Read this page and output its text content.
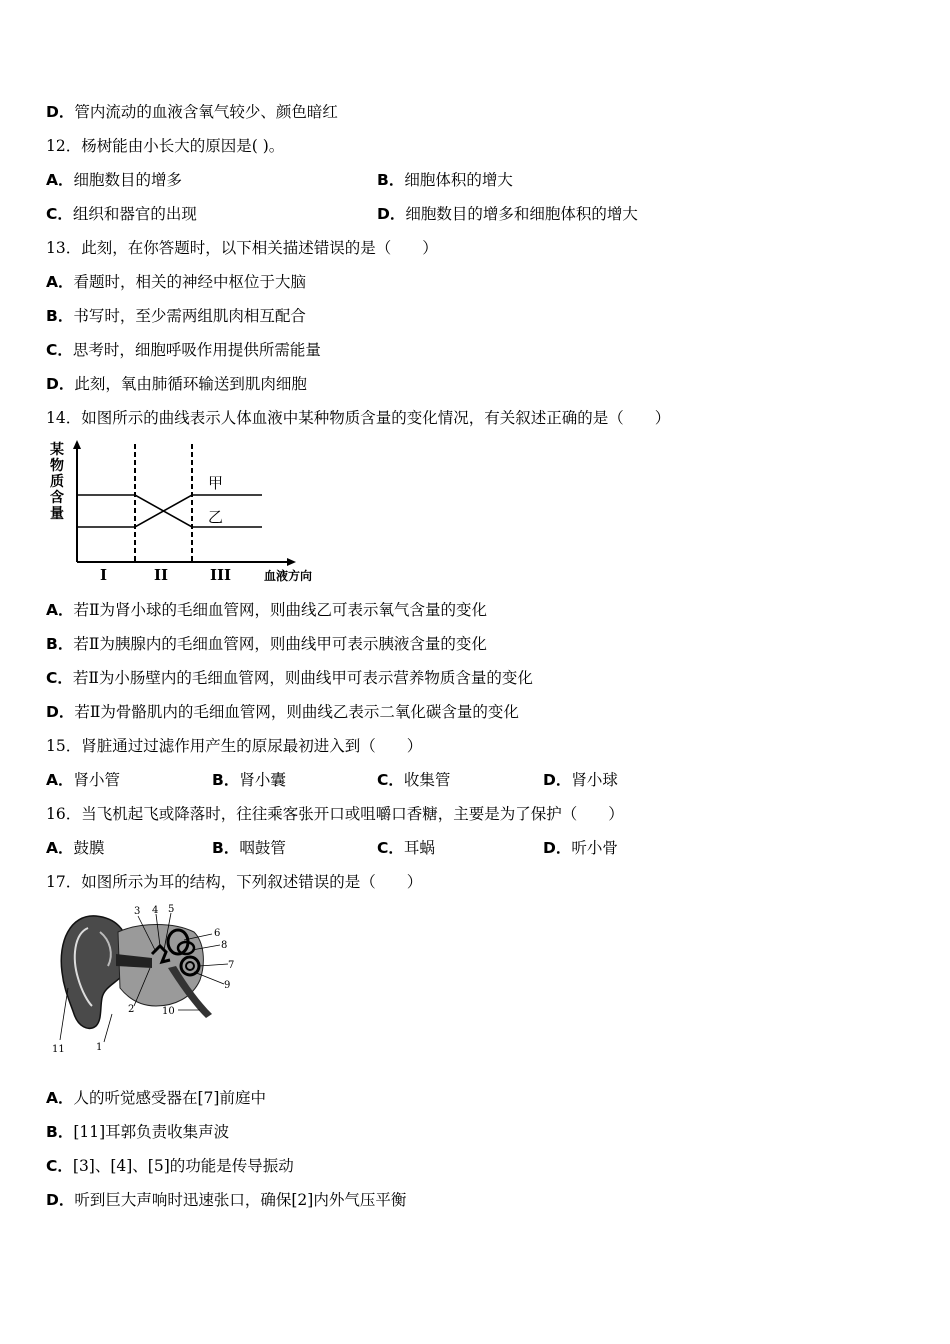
D．管内流动的血液含氧气较少、颜色暗红
12．杨树能由小长大的原因是( )。
A．细胞数目的增多	B．细胞体积的增大
C．组织和器官的出现	D．细胞数目的增多和细胞体积的增大
13．此刻，在你答题时，以下相关描述错误的是（　　）
A．看题时，相关的神经中枢位于大脑
B．书写时，至少需两组肌肉相互配合
C．思考时，细胞呼吸作用提供所需能量
D．此刻，氧由肺循环输送到肌肉细胞
14．如图所示的曲线表示人体血液中某种物质含量的变化情况，有关叙述正确的是（　　）
某
物
质
含
量
甲
乙
I	II	III	血液方向
A．若Ⅱ为肾小球的毛细血管网，则曲线乙可表示氧气含量的变化
B．若Ⅱ为胰腺内的毛细血管网，则曲线甲可表示胰液含量的变化
C．若Ⅱ为小肠壁内的毛细血管网，则曲线甲可表示营养物质含量的变化
D．若Ⅱ为骨骼肌内的毛细血管网，则曲线乙表示二氧化碳含量的变化
15．肾脏通过过滤作用产生的原尿最初进入到（　　）
A．肾小管	B．肾小囊	C．收集管	D．肾小球
16．当飞机起飞或降落时，往往乘客张开口或咀嚼口香糖，主要是为了保护（　　）
A．鼓膜	B．咽鼓管	C．耳蜗	D．听小骨
17．如图所示为耳的结构，下列叙述错误的是（　　）
1
2
3 4 5
6
7
8
9
10
11
A．人的听觉感受器在[7]前庭中
B．[11]耳郭负责收集声波
C．[3]、[4]、[5]的功能是传导振动
D．听到巨大声响时迅速张口，确保[2]内外气压平衡
